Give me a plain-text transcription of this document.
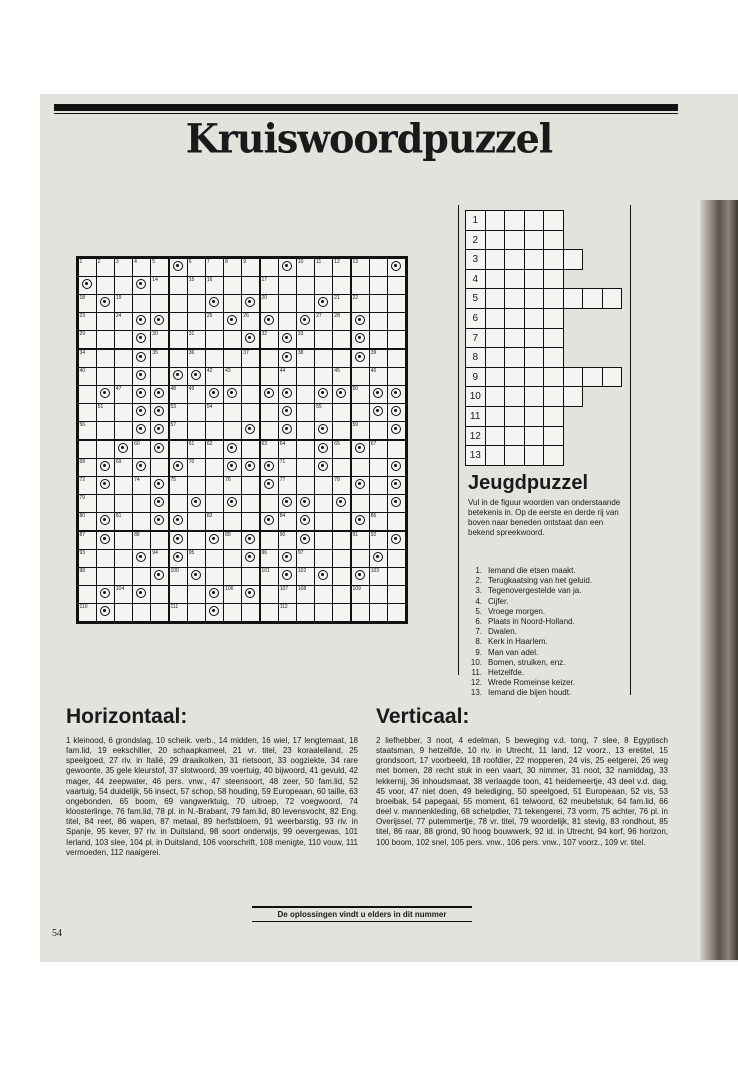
Kruiswoordpuzzel
1	2	3	4	5	6	7	8	9	10	11	12	13
14	15	16	17
18	19	20	21	22
23	24	25	26	27	28
29	30	31	32	33
34	35	36	37	38	39
40	42	43	44	45	46
47	48	49	50
51	53	54	55
56	57	59
60	61	62	63	64	65	67
68	69	70	71
72	74	75	76	77	78
79
80	81	83	84	86
87	88	89	90	91	92
93	94	95	96	97
98	100	101	102	103
104	106	107 108	109
110	111	112
1
2
3
4
5
6
7
8
9
10
11
12
13
Jeugdpuzzel
Vul in de figuur woorden van onderstaande betekenis in. Op de eerste en derde rij van boven naar beneden ontstaat dan een bekend spreekwoord.
1. Iemand die etsen maakt.
2. Terugkaatsing van het geluid.
3. Tegenovergestelde van ja.
4. Cijfer.
5. Vroege morgen.
6. Plaats in Noord-Holland.
7. Dwalen.
8. Kerk in Haarlem.
9. Man van adel.
10. Bomen, struiken, enz.
11. Hetzelfde.
12. Wrede Romeinse keizer.
13. Iemand die bijen houdt.
Horizontaal:
1 kleinood, 6 grondslag, 10 scheik. verb., 14 midden, 16 wiel, 17 lengtemaat, 18 fam.lid, 19 eekschiller, 20 schaapkameel, 21 vr. titel, 23 koraaleiland, 25 speelgoed, 27 riv. in Italië, 29 draaikolken, 31 rietsoort, 33 oogziekte, 34 rare gewoonte, 35 gele kleurstof, 37 slotwoord, 39 voertuig, 40 bijwoord, 41 gevuld, 42 mager, 44 zeepwater, 46 pers. vnw., 47 steensoort, 48 zeer, 50 fam.lid, 52 vaartuig, 54 duidelijk, 56 insect, 57 schop, 58 houding, 59 Europeaan, 60 taille, 63 ongebonden, 65 boom, 69 vangwerktuig, 70 uitroep, 72 voegwoord, 74 kloosterlinge, 76 fam.lid, 78 pl. in N.-Brabant, 79 fam.lid, 80 levensvocht, 82 Eng. titel, 84 reet, 86 wapen, 87 metaal, 89 herfstbloem, 91 weerbarstig, 93 riv. in Spanje, 95 kever, 97 riv. in Duitsland, 98 soort onderwijs, 99 oevergewas, 101 Ierland, 103 slee, 104 pl. in Duitsland, 106 voorschrift, 108 menigte, 110 vouw, 111 vermoeden, 112 naaigerei.
Verticaal:
2 liefhebber, 3 noot, 4 edelman, 5 beweging v.d. tong, 7 slee, 8 Egyptisch staatsman, 9 hetzelfde, 10 riv. in Utrecht, 11 land, 12 voorz., 13 eretitel, 15 grondsoort, 17 voorbeeld, 18 roofdier, 22 mopperen, 24 vis, 25 eetgerei, 26 weg met bomen, 28 recht stuk in een vaart, 30 nimmer, 31 noot, 32 namiddag, 33 lekkernij, 36 inhoudsmaat, 38 verlaagde toon, 41 heidemeertje, 43 deel v.d. dag, 45 voor, 47 niet doen, 49 belediging, 50 speelgoed, 51 Europeaan, 52 vis, 53 broeibak, 54 papegaai, 55 moment, 61 telwoord, 62 meubelstuk, 64 fam.lid, 66 deel v. mannenkleding, 68 schelpdier, 71 tekengerei, 73 vorm, 75 achter, 76 pl. in Overijssel, 77 putemmertje, 78 vr. titel, 79 woordelijk, 81 stevig, 83 rondhout, 85 titel, 86 raar, 88 grond, 90 hoog bouwwerk, 92 id. in Utrecht, 94 korf, 96 horizon, 100 boom, 102 snel, 105 pers. vnw., 106 pers. vnw., 107 voorz., 109 vr. titel.
De oplossingen vindt u elders in dit nummer
54
